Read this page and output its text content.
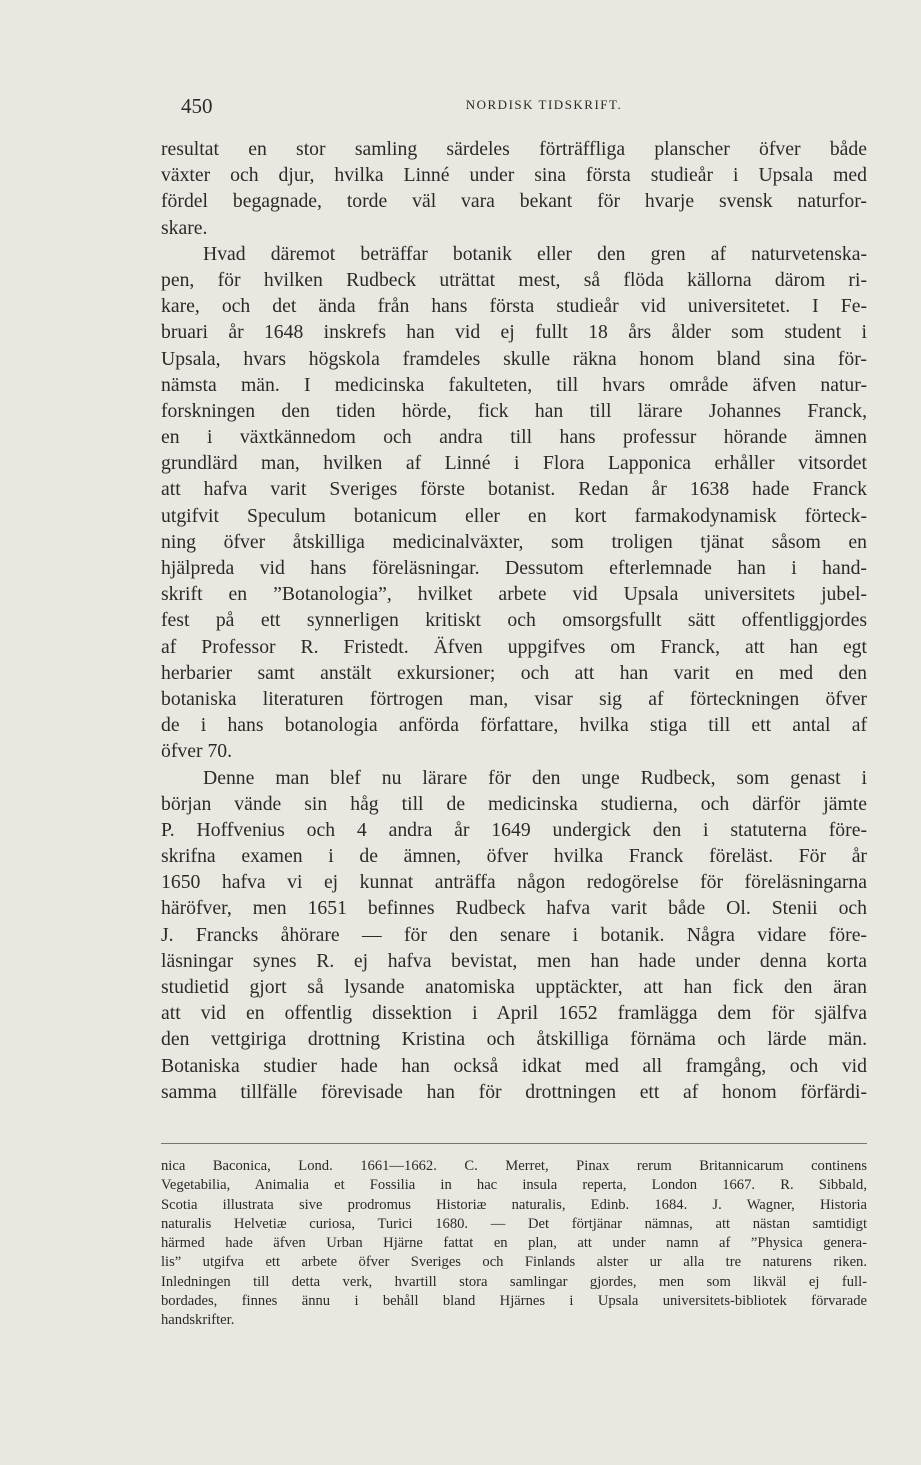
450	NORDISK TIDSKRIFT.
resultat en stor samling särdeles förträffliga planscher öfver både
växter och djur, hvilka Linné under sina första studieår i Upsala med
fördel begagnade, torde väl vara bekant för hvarje svensk naturfor-
skare.
Hvad däremot beträffar botanik eller den gren af naturvetenska-
pen, för hvilken Rudbeck uträttat mest, så flöda källorna därom ri-
kare, och det ända från hans första studieår vid universitetet. I Fe-
bruari år 1648 inskrefs han vid ej fullt 18 års ålder som student i
Upsala, hvars högskola framdeles skulle räkna honom bland sina för-
nämsta män. I medicinska fakulteten, till hvars område äfven natur-
forskningen den tiden hörde, fick han till lärare Johannes Franck,
en i växtkännedom och andra till hans professur hörande ämnen
grundlärd man, hvilken af Linné i Flora Lapponica erhåller vitsordet
att hafva varit Sveriges förste botanist. Redan år 1638 hade Franck
utgifvit Speculum botanicum eller en kort farmakodynamisk förteck-
ning öfver åtskilliga medicinalväxter, som troligen tjänat såsom en
hjälpreda vid hans föreläsningar. Dessutom efterlemnade han i hand-
skrift en ”Botanologia”, hvilket arbete vid Upsala universitets jubel-
fest på ett synnerligen kritiskt och omsorgsfullt sätt offentliggjordes
af Professor R. Fristedt. Äfven uppgifves om Franck, att han egt
herbarier samt anstält exkursioner; och att han varit en med den
botaniska literaturen förtrogen man, visar sig af förteckningen öfver
de i hans botanologia anförda författare, hvilka stiga till ett antal af
öfver 70.
Denne man blef nu lärare för den unge Rudbeck, som genast i
början vände sin håg till de medicinska studierna, och därför jämte
P. Hoffvenius och 4 andra år 1649 undergick den i statuterna före-
skrifna examen i de ämnen, öfver hvilka Franck föreläst. För år
1650 hafva vi ej kunnat anträffa någon redogörelse för föreläsningarna
häröfver, men 1651 befinnes Rudbeck hafva varit både Ol. Stenii och
J. Francks åhörare — för den senare i botanik. Några vidare före-
läsningar synes R. ej hafva bevistat, men han hade under denna korta
studietid gjort så lysande anatomiska upptäckter, att han fick den äran
att vid en offentlig dissektion i April 1652 framlägga dem för själfva
den vettgiriga drottning Kristina och åtskilliga förnäma och lärde män.
Botaniska studier hade han också idkat med all framgång, och vid
samma tillfälle förevisade han för drottningen ett af honom förfärdi-
nica Baconica, Lond. 1661—1662. C. Merret, Pinax rerum Britannicarum continens
Vegetabilia, Animalia et Fossilia in hac insula reperta, London 1667. R. Sibbald,
Scotia illustrata sive prodromus Historiæ naturalis, Edinb. 1684. J. Wagner, Historia
naturalis Helvetiæ curiosa, Turici 1680. — Det förtjänar nämnas, att nästan samtidigt
härmed hade äfven Urban Hjärne fattat en plan, att under namn af ”Physica genera-
lis” utgifva ett arbete öfver Sveriges och Finlands alster ur alla tre naturens riken.
Inledningen till detta verk, hvartill stora samlingar gjordes, men som likväl ej full-
bordades, finnes ännu i behåll bland Hjärnes i Upsala universitets-bibliotek förvarade
handskrifter.
